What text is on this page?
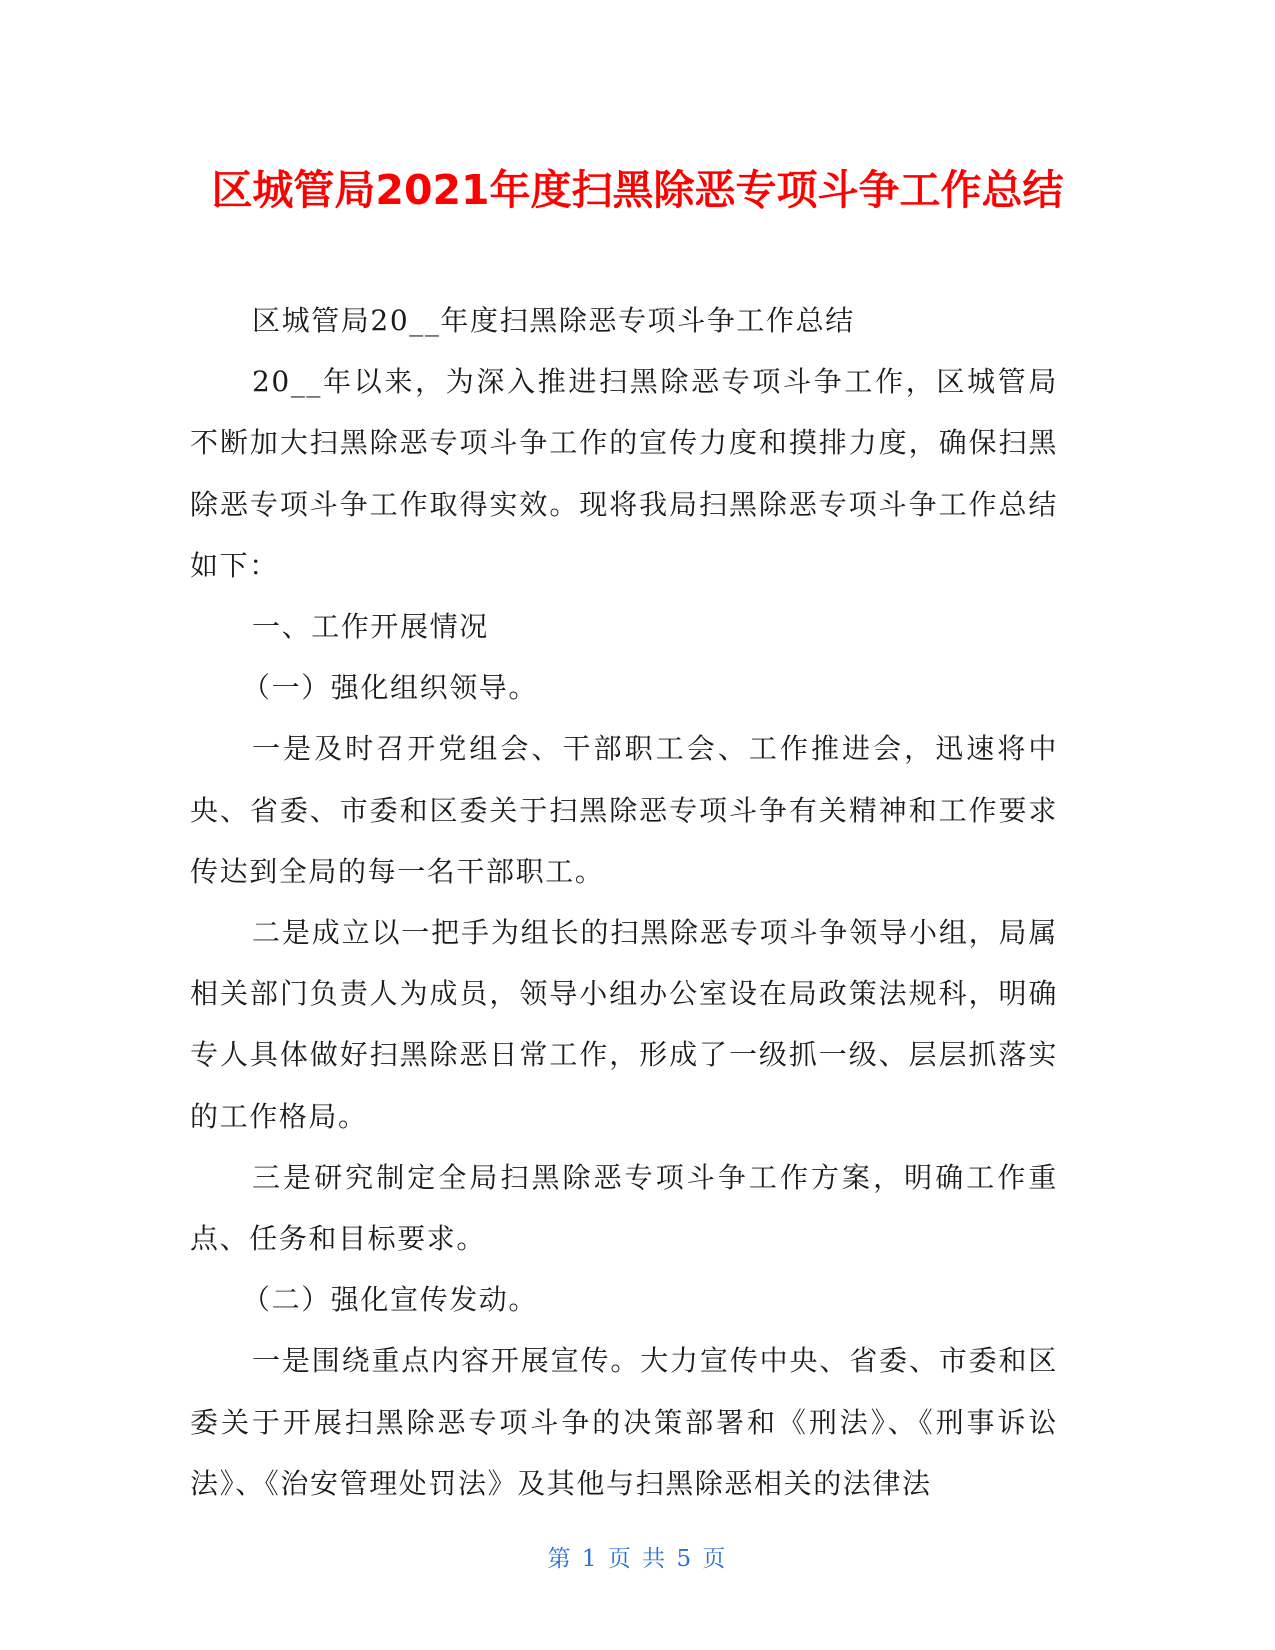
区城管局2021年度扫黑除恶专项斗争工作总结

区城管局20__年度扫黑除恶专项斗争工作总结

20__年以来，为深入推进扫黑除恶专项斗争工作，区城管局不断加大扫黑除恶专项斗争工作的宣传力度和摸排力度，确保扫黑除恶专项斗争工作取得实效。现将我局扫黑除恶专项斗争工作总结如下：

一、工作开展情况

（一）强化组织领导。

一是及时召开党组会、干部职工会、工作推进会，迅速将中央、省委、市委和区委关于扫黑除恶专项斗争有关精神和工作要求传达到全局的每一名干部职工。

二是成立以一把手为组长的扫黑除恶专项斗争领导小组，局属相关部门负责人为成员，领导小组办公室设在局政策法规科，明确专人具体做好扫黑除恶日常工作，形成了一级抓一级、层层抓落实的工作格局。

三是研究制定全局扫黑除恶专项斗争工作方案，明确工作重点、任务和目标要求。

（二）强化宣传发动。

一是围绕重点内容开展宣传。大力宣传中央、省委、市委和区委关于开展扫黑除恶专项斗争的决策部署和《刑法》、《刑事诉讼法》、《治安管理处罚法》及其他与扫黑除恶相关的法律法

第 1 页 共 5 页
